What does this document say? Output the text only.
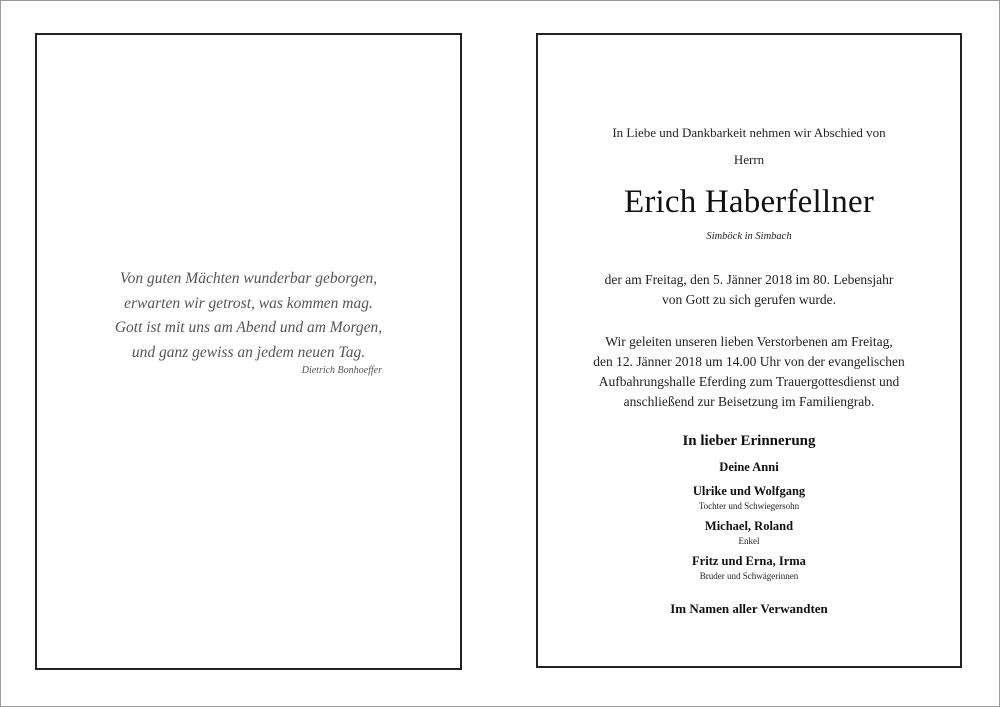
Von guten Mächten wunderbar geborgen,
erwarten wir getrost, was kommen mag.
Gott ist mit uns am Abend und am Morgen,
und ganz gewiss an jedem neuen Tag.
Dietrich Bonhoeffer
In Liebe und Dankbarkeit nehmen wir Abschied von
Herrn
Erich Haberfellner
Simböck in Simbach
der am Freitag, den 5. Jänner 2018 im 80. Lebensjahr
von Gott zu sich gerufen wurde.
Wir geleiten unseren lieben Verstorbenen am Freitag,
den 12. Jänner 2018 um 14.00 Uhr von der evangelischen
Aufbahrungshalle Eferding zum Trauergottesdienst und
anschließend zur Beisetzung im Familiengrab.
In lieber Erinnerung
Deine Anni
Ulrike und Wolfgang
Tochter und Schwiegersohn
Michael, Roland
Enkel
Fritz und Erna, Irma
Bruder und Schwägerinnen
Im Namen aller Verwandten
